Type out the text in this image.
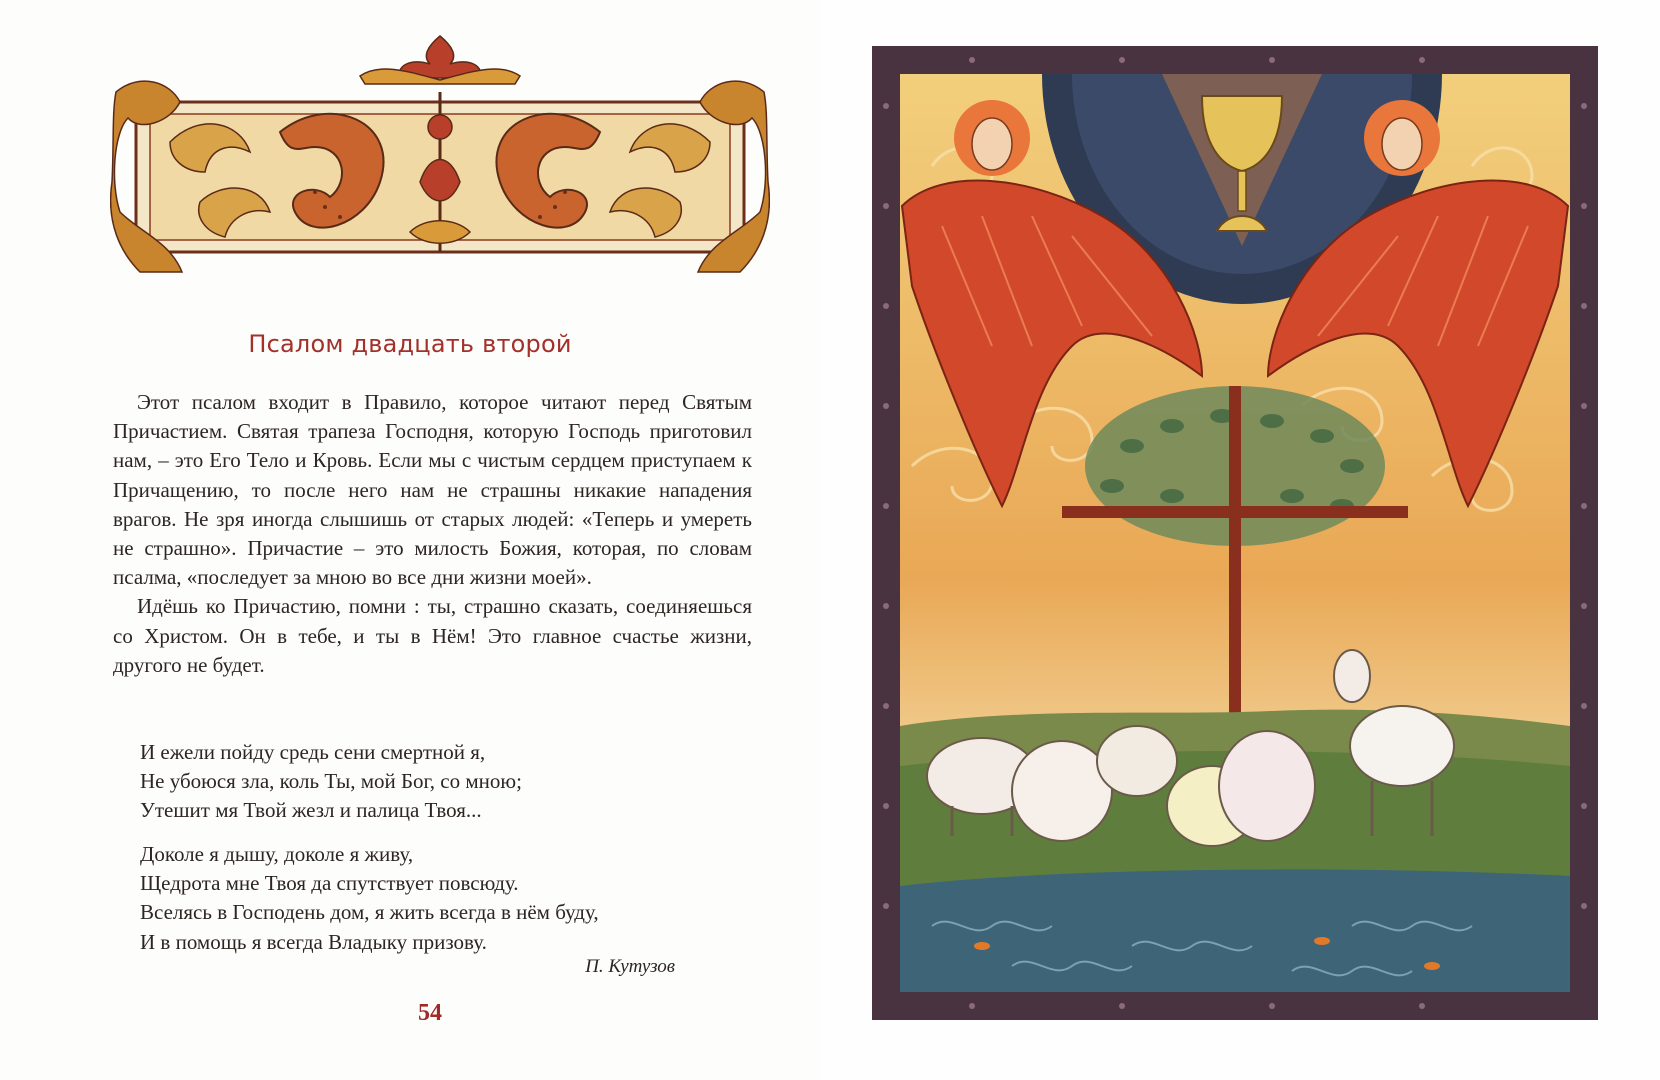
Псалом двадцать второй

Этот псалом входит в Правило, которое читают перед Святым Причастием. Святая трапеза Господня, которую Господь приготовил нам, – это Его Тело и Кровь. Если мы с чистым сердцем приступаем к Причащению, то после него нам не страшны никакие нападения врагов. Не зря иногда слышишь от старых людей: «Теперь и умереть не страшно». Причастие – это милость Божия, которая, по словам псалма, «последует за мною во все дни жизни моей».

Идёшь ко Причастию, помни : ты, страшно сказать, соединяешься со Христом. Он в тебе, и ты в Нём! Это главное счастье жизни, другого не будет.

И ежели пойду средь сени смертной я,
Не убоюся зла, коль Ты, мой Бог, со мною;
Утешит мя Твой жезл и палица Твоя...
Доколе я дышу, доколе я живу,
Щедрота мне Твоя да спутствует повсюду.
Вселясь в Господень дом, я жить всегда в нём буду,
И в помощь я всегда Владыку призову.
П. Кутузов
54
